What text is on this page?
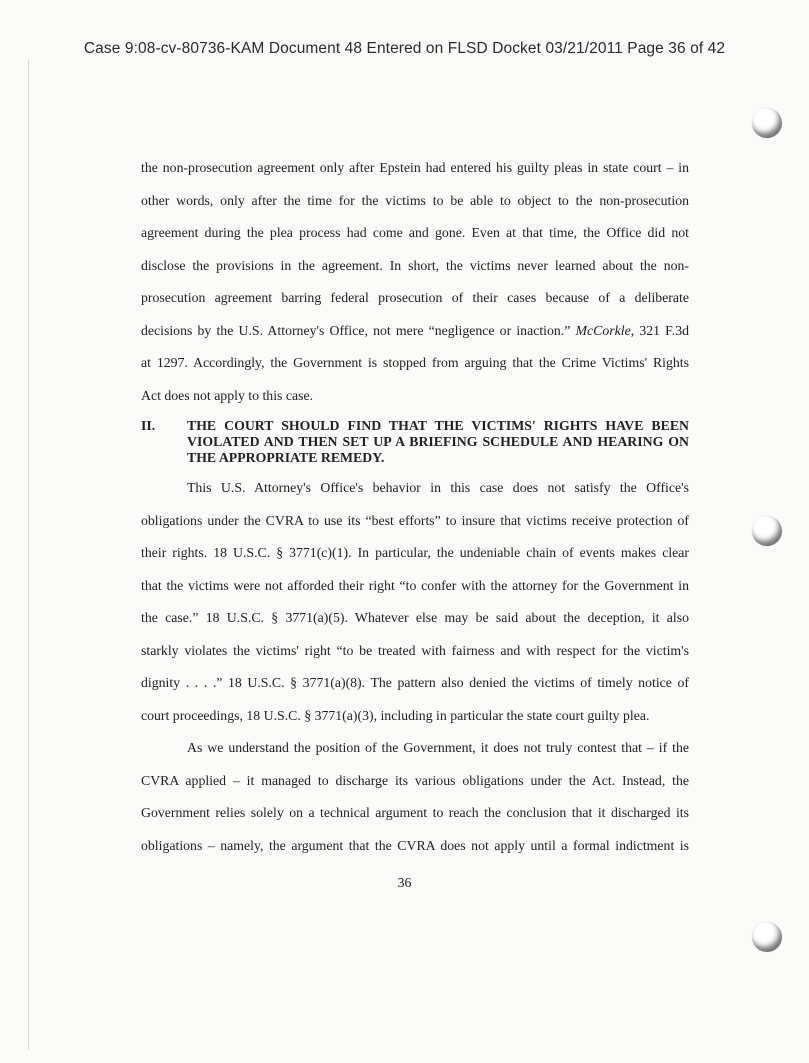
Case 9:08-cv-80736-KAM Document 48 Entered on FLSD Docket 03/21/2011 Page 36 of 42
the non-prosecution agreement only after Epstein had entered his guilty pleas in state court – in
other words, only after the time for the victims to be able to object to the non-prosecution
agreement during the plea process had come and gone. Even at that time, the Office did not
disclose the provisions in the agreement. In short, the victims never learned about the non-
prosecution agreement barring federal prosecution of their cases because of a deliberate
decisions by the U.S. Attorney's Office, not mere “negligence or inaction.” McCorkle, 321 F.3d
at 1297. Accordingly, the Government is stopped from arguing that the Crime Victims' Rights
Act does not apply to this case.
II.	THE COURT SHOULD FIND THAT THE VICTIMS' RIGHTS HAVE BEEN
VIOLATED AND THEN SET UP A BRIEFING SCHEDULE AND HEARING ON
THE APPROPRIATE REMEDY.
This U.S. Attorney's Office's behavior in this case does not satisfy the Office's
obligations under the CVRA to use its “best efforts” to insure that victims receive protection of
their rights. 18 U.S.C. § 3771(c)(1). In particular, the undeniable chain of events makes clear
that the victims were not afforded their right “to confer with the attorney for the Government in
the case.” 18 U.S.C. § 3771(a)(5). Whatever else may be said about the deception, it also
starkly violates the victims' right “to be treated with fairness and with respect for the victim's
dignity . . . .” 18 U.S.C. § 3771(a)(8). The pattern also denied the victims of timely notice of
court proceedings, 18 U.S.C. § 3771(a)(3), including in particular the state court guilty plea.
As we understand the position of the Government, it does not truly contest that – if the
CVRA applied – it managed to discharge its various obligations under the Act. Instead, the
Government relies solely on a technical argument to reach the conclusion that it discharged its
obligations – namely, the argument that the CVRA does not apply until a formal indictment is
36
